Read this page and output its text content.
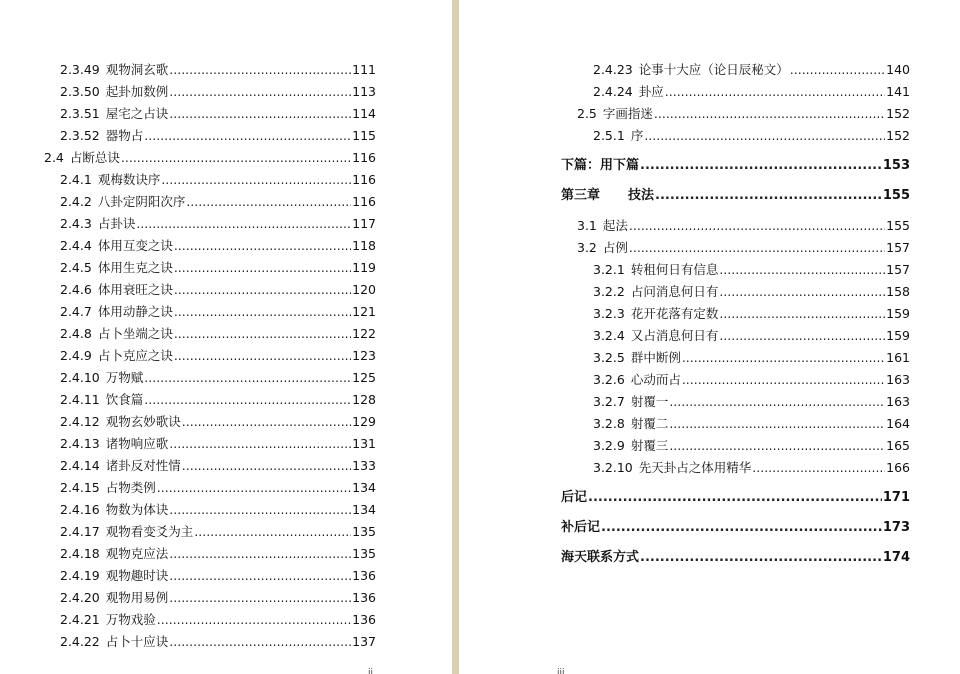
2.3.49 观物洞玄歌 .....	111
2.3.50 起卦加数例 .....	113
2.3.51 屋宅之占诀 .....	114
2.3.52 器物占 .....	115
2.4 占断总诀 .....	116
2.4.1 观梅数诀序 .....	116
2.4.2 八卦定阴阳次序 .....	116
2.4.3 占卦诀 .....	117
2.4.4 体用互变之诀 .....	118
2.4.5 体用生克之诀 .....	119
2.4.6 体用衰旺之诀 .....	120
2.4.7 体用动静之诀 .....	121
2.4.8 占卜坐端之诀 .....	122
2.4.9 占卜克应之诀 .....	123
2.4.10 万物赋 .....	125
2.4.11 饮食篇 .....	128
2.4.12 观物玄妙歌诀 .....	129
2.4.13 诸物响应歌 .....	131
2.4.14 诸卦反对性情 .....	133
2.4.15 占物类例 .....	134
2.4.16 物数为体诀 .....	134
2.4.17 观物看变爻为主 .....	135
2.4.18 观物克应法 .....	135
2.4.19 观物趣时诀 .....	136
2.4.20 观物用易例 .....	136
2.4.21 万物戏验 .....	136
2.4.22 占卜十应诀 .....	137
ii
2.4.23 论事十大应（论日辰秘文） .....	140
2.4.24 卦应 .....	141
2.5 字画指迷 .....	152
2.5.1 序 .....	152
下篇： 用下篇 .....	153
第三章 技法 .....	155
3.1 起法 .....	155
3.2 占例 .....	157
3.2.1 转租何日有信息 .....	157
3.2.2 占问消息何日有 .....	158
3.2.3 花开花落有定数 .....	159
3.2.4 又占消息何日有 .....	159
3.2.5 群中断例 .....	161
3.2.6 心动而占 .....	163
3.2.7 射覆一 .....	163
3.2.8 射覆二 .....	164
3.2.9 射覆三 .....	165
3.2.10 先天卦占之体用精华 .....	166
后记 .....	171
补后记 .....	173
海天联系方式 .....	174
iii
